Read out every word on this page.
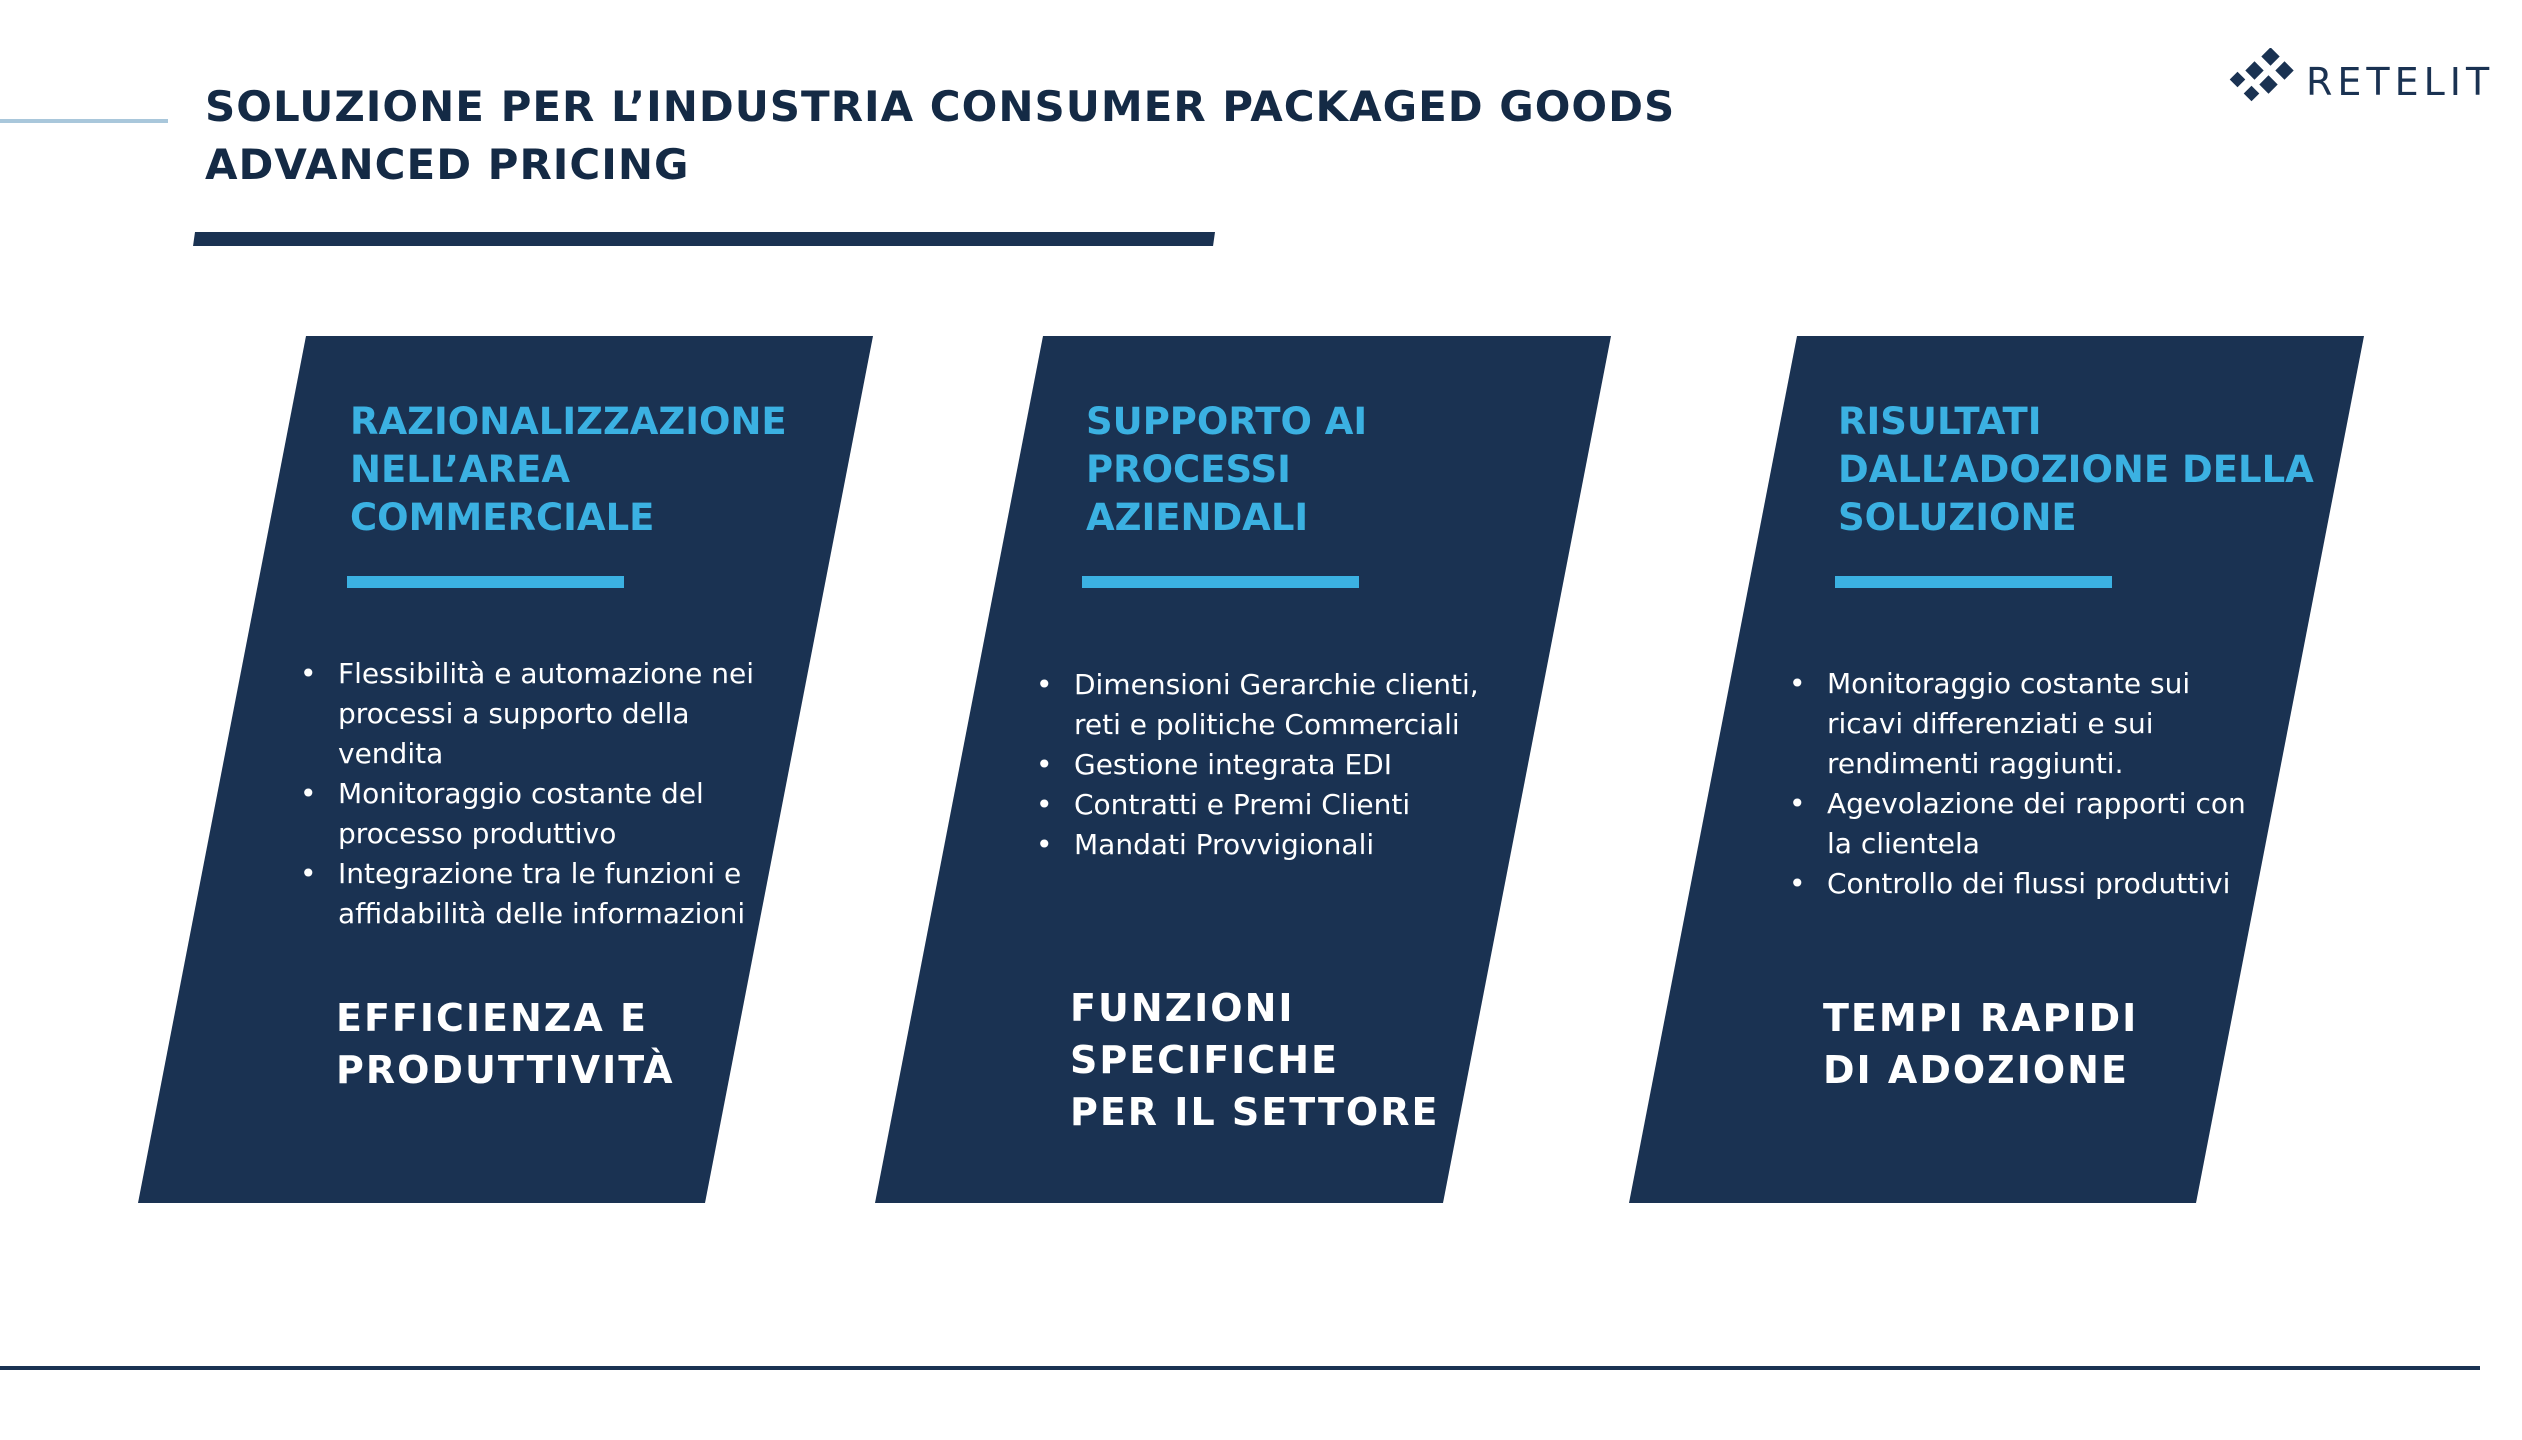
SOLUZIONE PER L’INDUSTRIA CONSUMER PACKAGED GOODS
ADVANCED PRICING
RETELIT
RAZIONALIZZAZIONE
NELL’AREA
COMMERCIALE
• Flessibilità e automazione nei
processi a supporto della
vendita
• Monitoraggio costante del
processo produttivo
• Integrazione tra le funzioni e
affidabilità delle informazioni

EFFICIENZA E
PRODUTTIVITÀ

SUPPORTO AI
PROCESSI
AZIENDALI
• Dimensioni Gerarchie clienti,
reti e politiche Commerciali
• Gestione integrata EDI
• Contratti e Premi Clienti
• Mandati Provvigionali

FUNZIONI
SPECIFICHE
PER IL SETTORE

RISULTATI
DALL’ADOZIONE DELLA
SOLUZIONE
• Monitoraggio costante sui
ricavi differenziati e sui
rendimenti raggiunti.
• Agevolazione dei rapporti con
la clientela
• Controllo dei flussi produttivi

TEMPI RAPIDI
DI ADOZIONE
